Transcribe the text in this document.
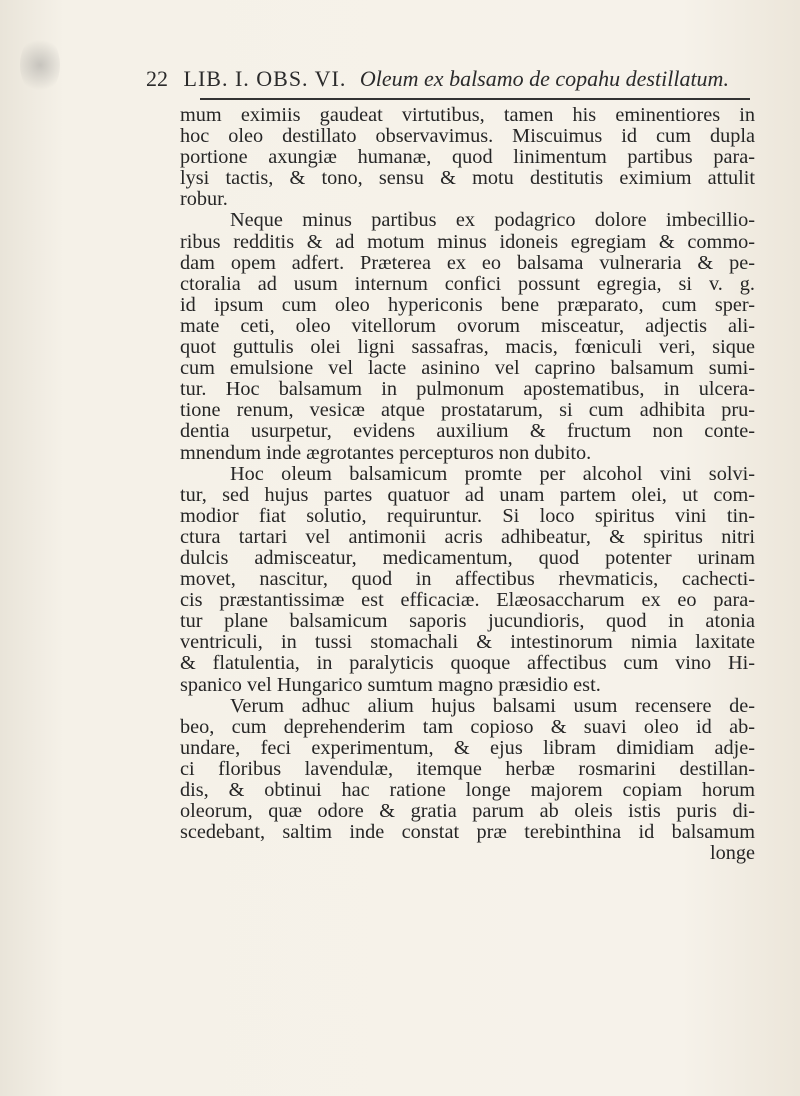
22 LIB. I. OBS. VI. Oleum ex balsamo de copahu destillatum.
mum eximiis gaudeat virtutibus, tamen his eminentiores in
hoc oleo destillato observavimus. Miscuimus id cum dupla
portione axungiæ humanæ, quod linimentum partibus para-
lysi tactis, & tono, sensu & motu destitutis eximium attulit
robur.
Neque minus partibus ex podagrico dolore imbecillio-
ribus redditis & ad motum minus idoneis egregiam & commo-
dam opem adfert. Præterea ex eo balsama vulneraria & pe-
ctoralia ad usum internum confici possunt egregia, si v. g.
id ipsum cum oleo hypericonis bene præparato, cum sper-
mate ceti, oleo vitellorum ovorum misceatur, adjectis ali-
quot guttulis olei ligni sassafras, macis, fœniculi veri, sique
cum emulsione vel lacte asinino vel caprino balsamum sumi-
tur. Hoc balsamum in pulmonum apostematibus, in ulcera-
tione renum, vesicæ atque prostatarum, si cum adhibita pru-
dentia usurpetur, evidens auxilium & fructum non conte-
mnendum inde ægrotantes percepturos non dubito.
Hoc oleum balsamicum promte per alcohol vini solvi-
tur, sed hujus partes quatuor ad unam partem olei, ut com-
modior fiat solutio, requiruntur. Si loco spiritus vini tin-
ctura tartari vel antimonii acris adhibeatur, & spiritus nitri
dulcis admisceatur, medicamentum, quod potenter urinam
movet, nascitur, quod in affectibus rhevmaticis, cachecti-
cis præstantissimæ est efficaciæ. Elæosaccharum ex eo para-
tur plane balsamicum saporis jucundioris, quod in atonia
ventriculi, in tussi stomachali & intestinorum nimia laxitate
& flatulentia, in paralyticis quoque affectibus cum vino Hi-
spanico vel Hungarico sumtum magno præsidio est.
Verum adhuc alium hujus balsami usum recensere de-
beo, cum deprehenderim tam copioso & suavi oleo id ab-
undare, feci experimentum, & ejus libram dimidiam adje-
ci floribus lavendulæ, itemque herbæ rosmarini destillan-
dis, & obtinui hac ratione longe majorem copiam horum
oleorum, quæ odore & gratia parum ab oleis istis puris di-
scedebant, saltim inde constat præ terebinthina id balsamum
longe
